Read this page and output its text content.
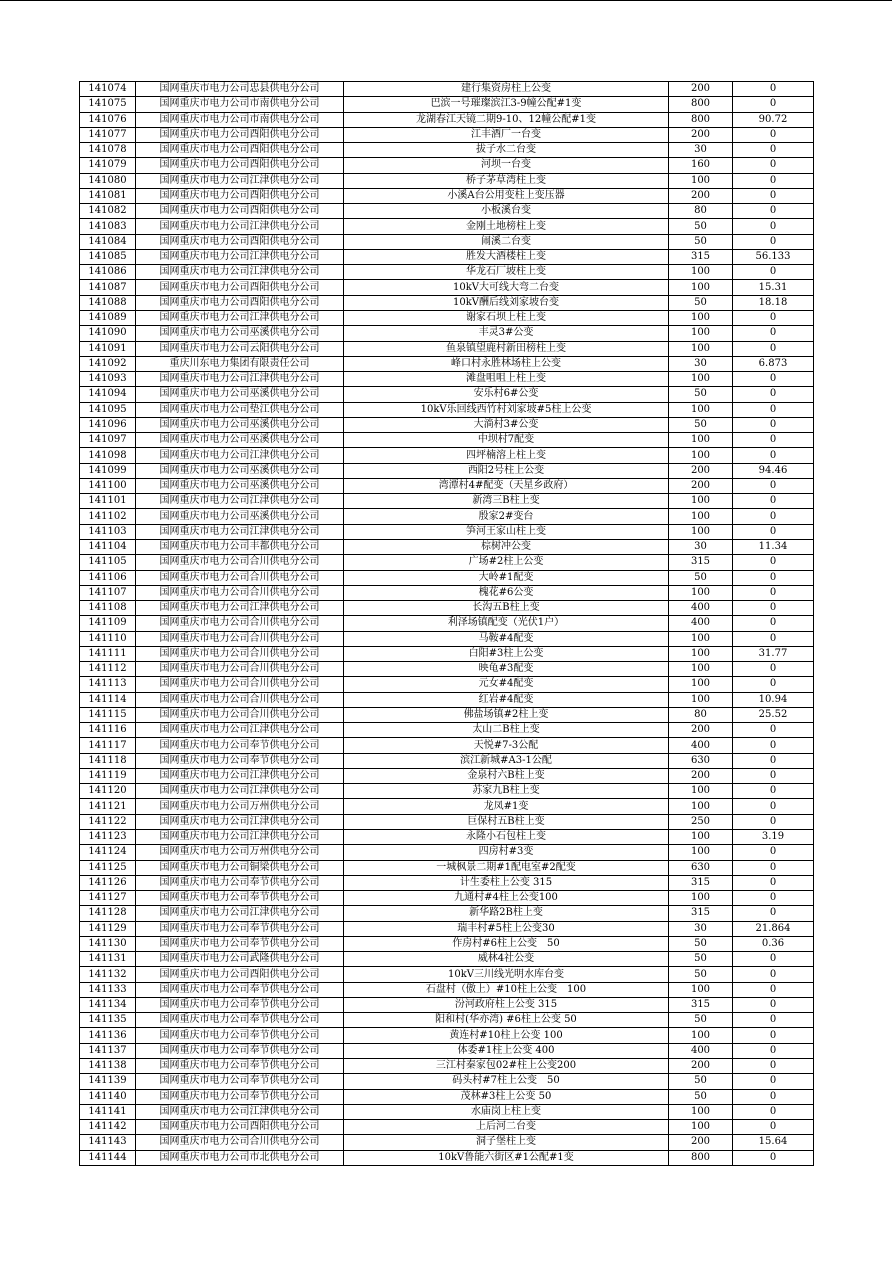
141074	国网重庆市电力公司忠县供电分公司	建行集资房柱上公变	200	0
141075	国网重庆市电力公司市南供电分公司	巴滨一号璀璨滨江3-9幢公配#1变	800	0
141076	国网重庆市电力公司市南供电分公司	龙湖春江天镜二期9-10、12幢公配#1变	800	90.72
141077	国网重庆市电力公司酉阳供电分公司	江丰酒厂一台变	200	0
141078	国网重庆市电力公司酉阳供电分公司	拔子水二台变	30	0
141079	国网重庆市电力公司酉阳供电分公司	河坝一台变	160	0
141080	国网重庆市电力公司江津供电分公司	桥子茅草湾柱上变	100	0
141081	国网重庆市电力公司酉阳供电分公司	小溪A台公用变柱上变压器	200	0
141082	国网重庆市电力公司酉阳供电分公司	小板溪台变	80	0
141083	国网重庆市电力公司江津供电分公司	金刚土地榜柱上变	50	0
141084	国网重庆市电力公司酉阳供电分公司	闹溪二台变	50	0
141085	国网重庆市电力公司江津供电分公司	胜发大酒楼柱上变	315	56.133
141086	国网重庆市电力公司江津供电分公司	华龙石厂坡柱上变	100	0
141087	国网重庆市电力公司酉阳供电分公司	10kV大可线大弯二台变	100	15.31
141088	国网重庆市电力公司酉阳供电分公司	10kV酬后线刘家坡台变	50	18.18
141089	国网重庆市电力公司江津供电分公司	谢家石坝上柱上变	100	0
141090	国网重庆市电力公司巫溪供电分公司	丰灵3#公变	100	0
141091	国网重庆市电力公司云阳供电分公司	鱼泉镇望鹿村新田榜柱上变	100	0
141092	重庆川东电力集团有限责任公司	峰口村永胜林场柱上公变	30	6.873
141093	国网重庆市电力公司江津供电分公司	滩盘咀咀上柱上变	100	0
141094	国网重庆市电力公司巫溪供电分公司	安乐村6#公变	50	0
141095	国网重庆市电力公司垫江供电分公司	10kV乐回线西竹村刘家坡#5柱上公变	100	0
141096	国网重庆市电力公司巫溪供电分公司	大淌村3#公变	50	0
141097	国网重庆市电力公司巫溪供电分公司	中坝村7配变	100	0
141098	国网重庆市电力公司江津供电分公司	四坪楠溶上柱上变	100	0
141099	国网重庆市电力公司巫溪供电分公司	西阳2号柱上公变	200	94.46
141100	国网重庆市电力公司巫溪供电分公司	湾潭村4#配变（天星乡政府）	200	0
141101	国网重庆市电力公司江津供电分公司	新湾三B柱上变	100	0
141102	国网重庆市电力公司巫溪供电分公司	殷家2#变台	100	0
141103	国网重庆市电力公司江津供电分公司	笋河王家山柱上变	100	0
141104	国网重庆市电力公司丰都供电分公司	棕树冲公变	30	11.34
141105	国网重庆市电力公司合川供电分公司	广场#2柱上公变	315	0
141106	国网重庆市电力公司合川供电分公司	大岭#1配变	50	0
141107	国网重庆市电力公司合川供电分公司	槐花#6公变	100	0
141108	国网重庆市电力公司江津供电分公司	长沟五B柱上变	400	0
141109	国网重庆市电力公司合川供电分公司	利泽场镇配变（光伏1户）	400	0
141110	国网重庆市电力公司合川供电分公司	马鞍#4配变	100	0
141111	国网重庆市电力公司合川供电分公司	白阳#3柱上公变	100	31.77
141112	国网重庆市电力公司合川供电分公司	映龟#3配变	100	0
141113	国网重庆市电力公司合川供电分公司	元女#4配变	100	0
141114	国网重庆市电力公司合川供电分公司	红岩#4配变	100	10.94
141115	国网重庆市电力公司合川供电分公司	佛盐场镇#2柱上变	80	25.52
141116	国网重庆市电力公司江津供电分公司	太山二B柱上变	200	0
141117	国网重庆市电力公司奉节供电分公司	天悦#7-3公配	400	0
141118	国网重庆市电力公司奉节供电分公司	滨江新城#A3-1公配	630	0
141119	国网重庆市电力公司江津供电分公司	金泉村六B柱上变	200	0
141120	国网重庆市电力公司江津供电分公司	苏家九B柱上变	100	0
141121	国网重庆市电力公司万州供电分公司	龙凤#1变	100	0
141122	国网重庆市电力公司江津供电分公司	巨保村五B柱上变	250	0
141123	国网重庆市电力公司江津供电分公司	永隆小石包柱上变	100	3.19
141124	国网重庆市电力公司万州供电分公司	四房村#3变	100	0
141125	国网重庆市电力公司铜梁供电分公司	一城枫景二期#1配电室#2配变	630	0
141126	国网重庆市电力公司奉节供电分公司	计生委柱上公变 315	315	0
141127	国网重庆市电力公司奉节供电分公司	九通村#4柱上公变100	100	0
141128	国网重庆市电力公司江津供电分公司	新华路2B柱上变	315	0
141129	国网重庆市电力公司奉节供电分公司	瑞丰村#5柱上公变30	30	21.864
141130	国网重庆市电力公司奉节供电分公司	作房村#6柱上公变　50	50	0.36
141131	国网重庆市电力公司武隆供电分公司	威林4社公变	50	0
141132	国网重庆市电力公司酉阳供电分公司	10kV三川线光明水库台变	50	0
141133	国网重庆市电力公司奉节供电分公司	石盘村（傲上）#10柱上公变　100	100	0
141134	国网重庆市电力公司奉节供电分公司	汾河政府柱上公变 315	315	0
141135	国网重庆市电力公司奉节供电分公司	阳和村(华亦湾) #6柱上公变 50	50	0
141136	国网重庆市电力公司奉节供电分公司	黄连村#10柱上公变 100	100	0
141137	国网重庆市电力公司奉节供电分公司	体委#1柱上公变 400	400	0
141138	国网重庆市电力公司奉节供电分公司	三江村秦家包02#柱上公变200	200	0
141139	国网重庆市电力公司奉节供电分公司	码头村#7柱上公变　50	50	0
141140	国网重庆市电力公司奉节供电分公司	茂林#3柱上公变 50	50	0
141141	国网重庆市电力公司江津供电分公司	水庙岗上柱上变	100	0
141142	国网重庆市电力公司酉阳供电分公司	上后河二台变	100	0
141143	国网重庆市电力公司合川供电分公司	洞子堡柱上变	200	15.64
141144	国网重庆市电力公司市北供电分公司	10kV鲁能六街区#1公配#1变	800	0
